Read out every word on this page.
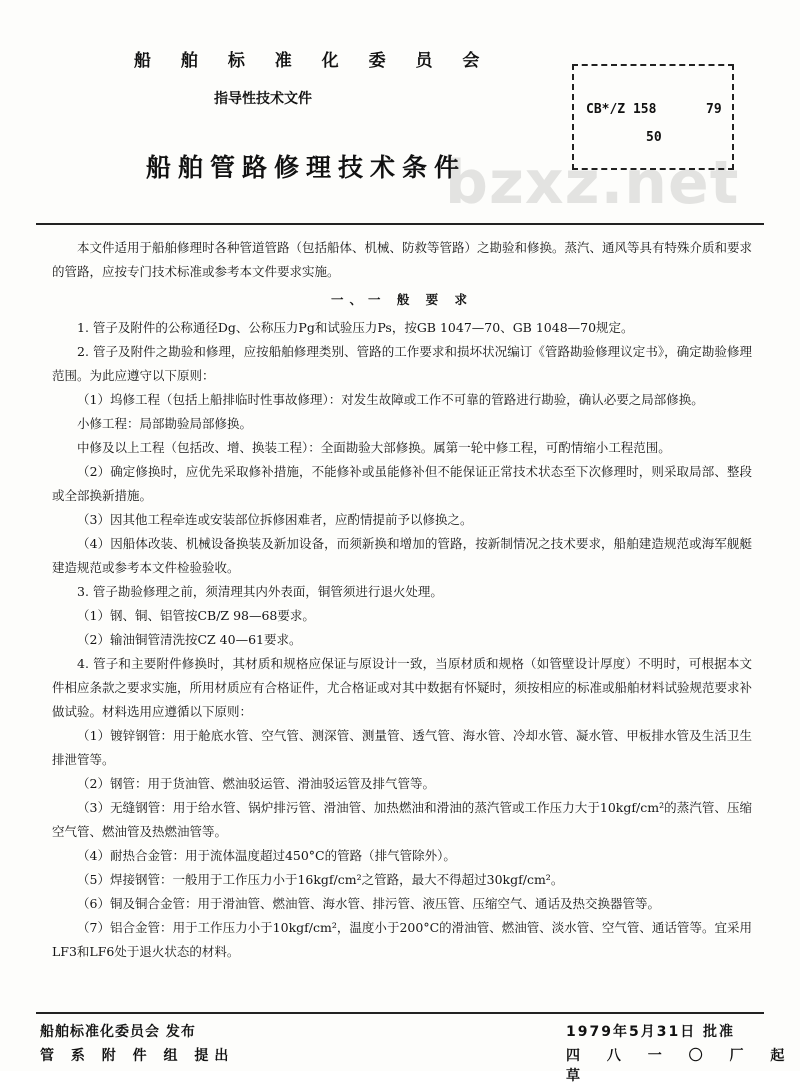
船 舶 标 准 化 委 员 会
指导性技术文件
船舶管路修理技术条件
bzxz.net
CB*/Z 158	79
50

本文件适用于船舶修理时各种管道管路（包括船体、机械、防救等管路）之勘验和修换。蒸汽、通风等具有特殊介质和要求的管路，应按专门技术标准或参考本文件要求实施。

一、一 般 要 求

1. 管子及附件的公称通径Dg、公称压力Pg和试验压力Ps，按GB 1047—70、GB 1048—70规定。

2. 管子及附件之勘验和修理，应按船舶修理类别、管路的工作要求和损坏状况编订《管路勘验修理议定书》，确定勘验修理范围。为此应遵守以下原则：

（1）坞修工程（包括上船排临时性事故修理）：对发生故障或工作不可靠的管路进行勘验，确认必要之局部修换。

小修工程：局部勘验局部修换。

中修及以上工程（包括改、增、换装工程）：全面勘验大部修换。属第一轮中修工程，可酌情缩小工程范围。

（2）确定修换时，应优先采取修补措施，不能修补或虽能修补但不能保证正常技术状态至下次修理时，则采取局部、整段或全部换新措施。

（3）因其他工程牵连或安装部位拆修困难者，应酌情提前予以修换之。

（4）因船体改装、机械设备换装及新加设备，而须新换和增加的管路，按新制情况之技术要求，船舶建造规范或海军舰艇建造规范或参考本文件检验验收。

3. 管子勘验修理之前，须清理其内外表面，铜管须进行退火处理。

（1）钢、铜、铝管按CB/Z 98—68要求。

（2）输油铜管清洗按CZ 40—61要求。

4. 管子和主要附件修换时，其材质和规格应保证与原设计一致，当原材质和规格（如管壁设计厚度）不明时，可根据本文件相应条款之要求实施，所用材质应有合格证件，尤合格证或对其中数据有怀疑时，须按相应的标准或船舶材料试验规范要求补做试验。材料选用应遵循以下原则：

（1）镀锌钢管：用于舱底水管、空气管、测深管、测量管、透气管、海水管、冷却水管、凝水管、甲板排水管及生活卫生排泄管等。

（2）钢管：用于货油管、燃油驳运管、滑油驳运管及排气管等。

（3）无缝钢管：用于给水管、锅炉排污管、滑油管、加热燃油和滑油的蒸汽管或工作压力大于10kgf/cm²的蒸汽管、压缩空气管、燃油管及热燃油管等。

（4）耐热合金管：用于流体温度超过450°C的管路（排气管除外）。

（5）焊接钢管：一般用于工作压力小于16kgf/cm²之管路，最大不得超过30kgf/cm²。

（6）铜及铜合金管：用于滑油管、燃油管、海水管、排污管、液压管、压缩空气、通话及热交换器管等。

（7）铝合金管：用于工作压力小于10kgf/cm²，温度小于200°C的滑油管、燃油管、淡水管、空气管、通话管等。宜采用LF3和LF6处于退火状态的材料。

船舶标准化委员会 发布
管 系 附 件 组 提出
1979年5月31日 批准
四 八 一 〇 厂 起草
